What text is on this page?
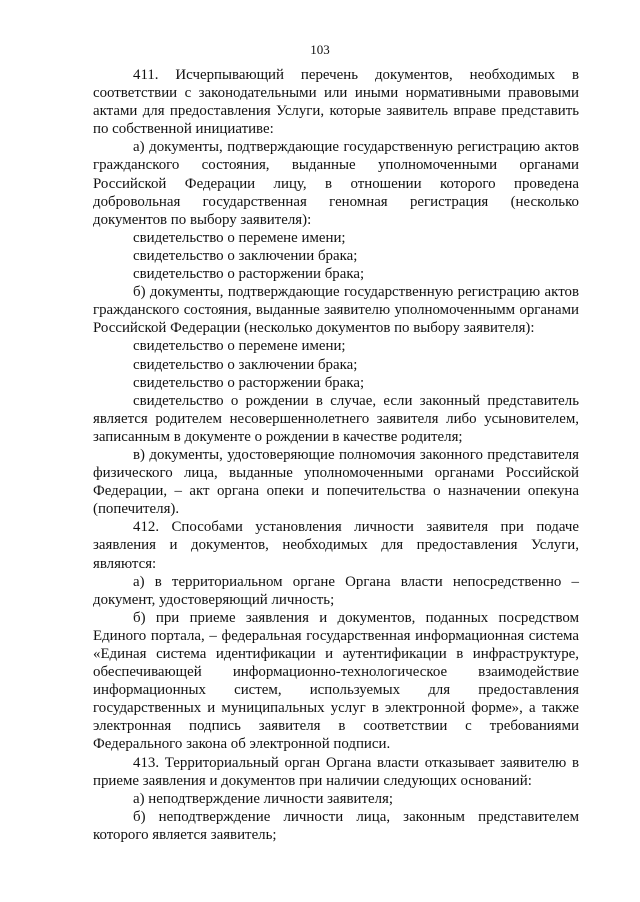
103

411. Исчерпывающий перечень документов, необходимых в соответствии с законодательными или иными нормативными правовыми актами для предоставления Услуги, которые заявитель вправе представить по собственной инициативе:

а) документы, подтверждающие государственную регистрацию актов гражданского состояния, выданные уполномоченными органами Российской Федерации лицу, в отношении которого проведена добровольная государственная геномная регистрация (несколько документов по выбору заявителя):

свидетельство о перемене имени;

свидетельство о заключении брака;

свидетельство о расторжении брака;

б) документы, подтверждающие государственную регистрацию актов гражданского состояния, выданные заявителю уполномоченнымм органами Российской Федерации (несколько документов по выбору заявителя):

свидетельство о перемене имени;

свидетельство о заключении брака;

свидетельство о расторжении брака;

свидетельство о рождении в случае, если законный представитель является родителем несовершеннолетнего заявителя либо усыновителем, записанным в документе о рождении в качестве родителя;

в) документы, удостоверяющие полномочия законного представителя физического лица, выданные уполномоченными органами Российской Федерации, – акт органа опеки и попечительства о назначении опекуна (попечителя).

412. Способами установления личности заявителя при подаче заявления и документов, необходимых для предоставления Услуги, являются:

а) в территориальном органе Органа власти непосредственно – документ, удостоверяющий личность;

б) при приеме заявления и документов, поданных посредством Единого портала, – федеральная государственная информационная система «Единая система идентификации и аутентификации в инфраструктуре, обеспечивающей информационно-технологическое взаимодействие информационных систем, используемых для предоставления государственных и муниципальных услуг в электронной форме», а также электронная подпись заявителя в соответствии с требованиями Федерального закона об электронной подписи.

413. Территориальный орган Органа власти отказывает заявителю в приеме заявления и документов при наличии следующих оснований:

а) неподтверждение личности заявителя;

б) неподтверждение личности лица, законным представителем которого является заявитель;
